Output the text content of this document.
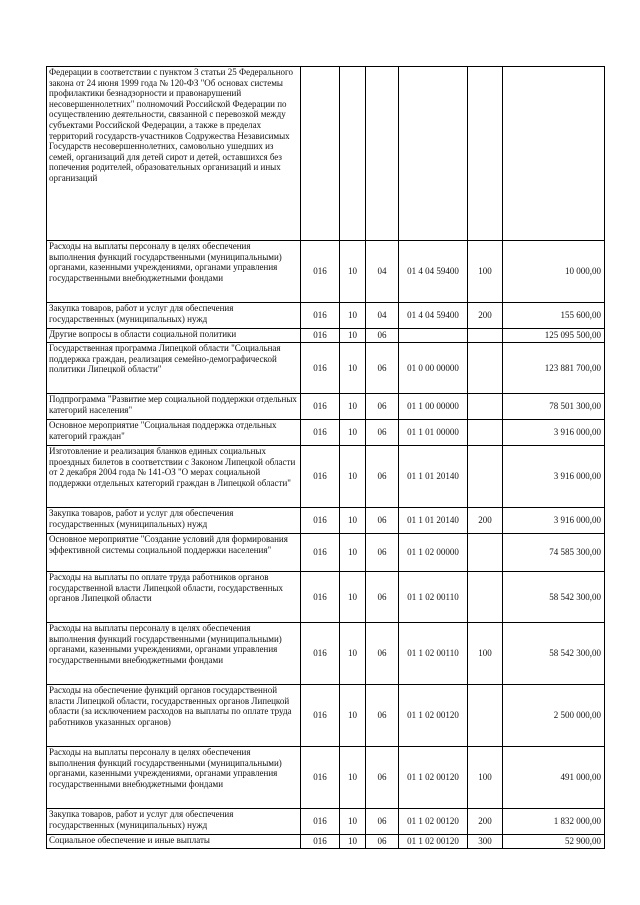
Федерации в соответствии с пунктом 3 статьи 25 Федерального закона от 24 июня 1999 года № 120-ФЗ "Об основах системы профилактики безнадзорности и правонарушений несовершеннолетних" полномочий Российской Федерации по осуществлению деятельности, связанной с перевозкой между субъектами Российской Федерации, а также в пределах территорий государств-участников Содружества Независимых Государств несовершеннолетних, самовольно ушедших из семей, организаций для детей сирот и детей, оставшихся без попечения родителей, образовательных организаций и иных организаций						
Расходы на выплаты персоналу в целях обеспечения выполнения функций государственными (муниципальными) органами, казенными учреждениями, органами управления государственными внебюджетными фондами	016	10	04	01 4 04 59400	100	10 000,00
Закупка товаров, работ и услуг для обеспечения государственных (муниципальных) нужд	016	10	04	01 4 04 59400	200	155 600,00
Другие вопросы в области социальной политики	016	10	06			125 095 500,00
Государственная программа Липецкой области "Социальная поддержка граждан, реализация семейно-демографической политики Липецкой области"	016	10	06	01 0 00 00000		123 881 700,00
Подпрограмма "Развитие мер социальной поддержки отдельных категорий населения"	016	10	06	01 1 00 00000		78 501 300,00
Основное мероприятие "Социальная поддержка отдельных категорий граждан"	016	10	06	01 1 01 00000		3 916 000,00
Изготовление и реализация бланков единых социальных проездных билетов в соответствии с Законом Липецкой области от 2 декабря 2004 года № 141-ОЗ "О мерах социальной поддержки отдельных категорий граждан в Липецкой области"	016	10	06	01 1 01 20140		3 916 000,00
Закупка товаров, работ и услуг для обеспечения государственных (муниципальных) нужд	016	10	06	01 1 01 20140	200	3 916 000,00
Основное мероприятие "Создание условий для формирования эффективной системы социальной поддержки населения"	016	10	06	01 1 02 00000		74 585 300,00
Расходы на выплаты по оплате труда работников органов государственной власти Липецкой области, государственных органов Липецкой области	016	10	06	01 1 02 00110		58 542 300,00
Расходы на выплаты персоналу в целях обеспечения выполнения функций государственными (муниципальными) органами, казенными учреждениями, органами управления государственными внебюджетными фондами	016	10	06	01 1 02 00110	100	58 542 300,00
Расходы на обеспечение функций органов государственной власти Липецкой области, государственных органов Липецкой области (за исключением расходов на выплаты по оплате труда работников указанных органов)	016	10	06	01 1 02 00120		2 500 000,00
Расходы на выплаты персоналу в целях обеспечения выполнения функций государственными (муниципальными) органами, казенными учреждениями, органами управления государственными внебюджетными фондами	016	10	06	01 1 02 00120	100	491 000,00
Закупка товаров, работ и услуг для обеспечения государственных (муниципальных) нужд	016	10	06	01 1 02 00120	200	1 832 000,00
Социальное обеспечение и иные выплаты	016	10	06	01 1 02 00120	300	52 900,00
